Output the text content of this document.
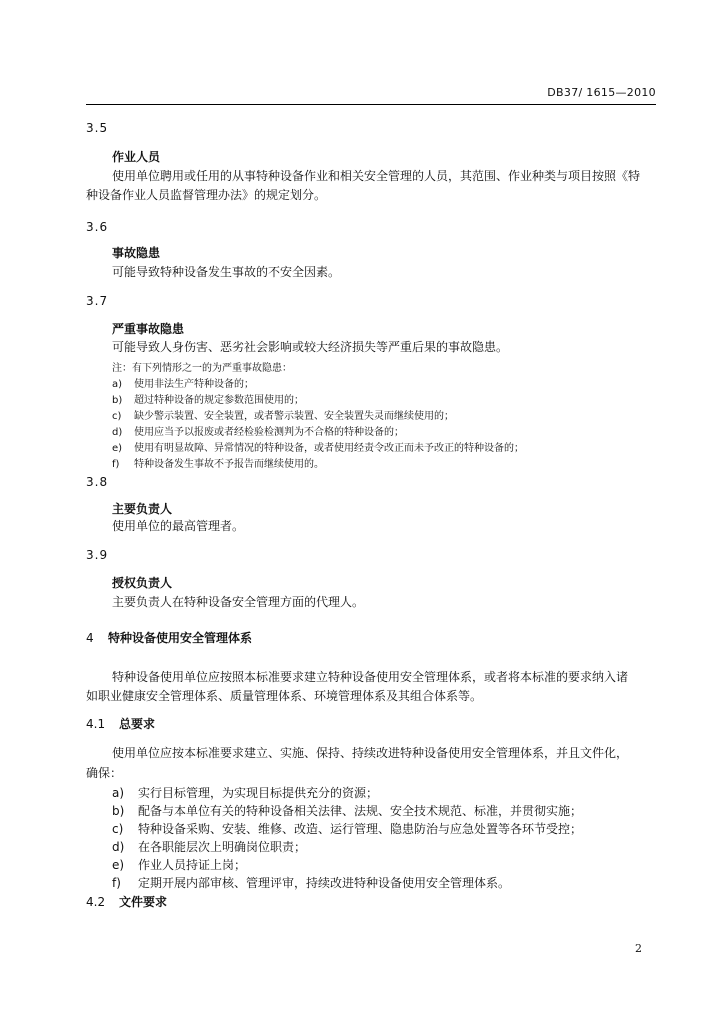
DB37/ 1615—2010
3.5
作业人员
使用单位聘用或任用的从事特种设备作业和相关安全管理的人员，其范围、作业种类与项目按照《特
种设备作业人员监督管理办法》的规定划分。
3.6
事故隐患
可能导致特种设备发生事故的不安全因素。
3.7
严重事故隐患
可能导致人身伤害、恶劣社会影响或较大经济损失等严重后果的事故隐患。
注：有下列情形之一的为严重事故隐患：
a) 使用非法生产特种设备的；
b) 超过特种设备的规定参数范围使用的；
c) 缺少警示装置、安全装置，或者警示装置、安全装置失灵而继续使用的；
d) 使用应当予以报废或者经检验检测判为不合格的特种设备的；
e) 使用有明显故障、异常情况的特种设备，或者使用经责令改正而未予改正的特种设备的；
f) 特种设备发生事故不予报告而继续使用的。
3.8
主要负责人
使用单位的最高管理者。
3.9
授权负责人
主要负责人在特种设备安全管理方面的代理人。
4 特种设备使用安全管理体系
特种设备使用单位应按照本标准要求建立特种设备使用安全管理体系，或者将本标准的要求纳入诸
如职业健康安全管理体系、质量管理体系、环境管理体系及其组合体系等。
4.1 总要求
使用单位应按本标准要求建立、实施、保持、持续改进特种设备使用安全管理体系，并且文件化，
确保：
a) 实行目标管理，为实现目标提供充分的资源；
b) 配备与本单位有关的特种设备相关法律、法规、安全技术规范、标准，并贯彻实施；
c) 特种设备采购、安装、维修、改造、运行管理、隐患防治与应急处置等各环节受控；
d) 在各职能层次上明确岗位职责；
e) 作业人员持证上岗；
f) 定期开展内部审核、管理评审，持续改进特种设备使用安全管理体系。
4.2 文件要求
2
